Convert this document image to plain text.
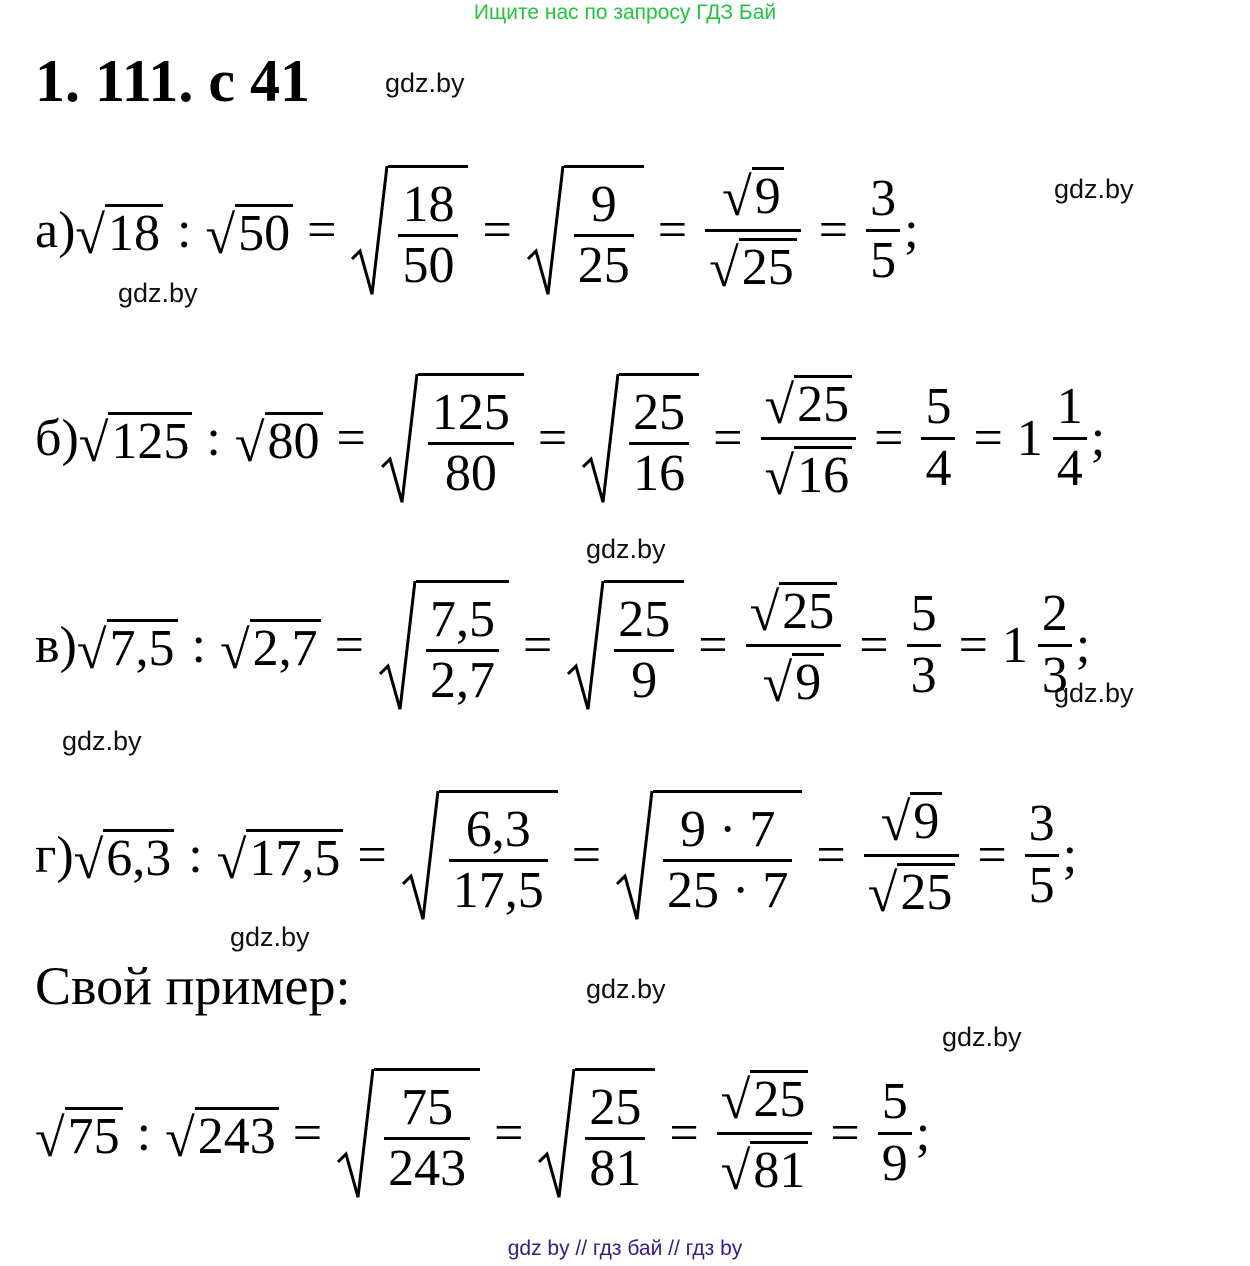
Ищите нас по запросу ГДЗ Бай
1. 111. с 41
Свой пример:
gdz.by
gdz.by
gdz.by
gdz.by
gdz.by
gdz.by
gdz.by
gdz.by
gdz.by
а) √ 18 : √ $50 = \frac{18}{50} = \frac{9}{25} = \frac{√ 9}{√ 25} = \frac{3}{5}$ ;
б) √ 125 : √ $80 = \frac{125}{80} = \frac{25}{16} = \frac{√ 25}{√ 16} = \frac{5}{4} = 1 \frac{1}{4}$ ;
в) √ 7,5 : √ $2,7 = \frac{7,5}{2,7} = \frac{25}{9} = \frac{√ 25}{√ 9} = \frac{5}{3} = 1 \frac{2}{3}$ ;
г) √ 6,3 : √ $17,5 = \frac{6,3}{17,5} = \frac{9 \cdot 7}{25 \cdot 7} = \frac{√ 9}{√ 25} = \frac{3}{5}$ ;
√ 75 : √ $243 = \frac{75}{243} = \frac{25}{81} = \frac{√ 25}{√ 81} = \frac{5}{9}$ ;
gdz by // гдз бай // гдз by
